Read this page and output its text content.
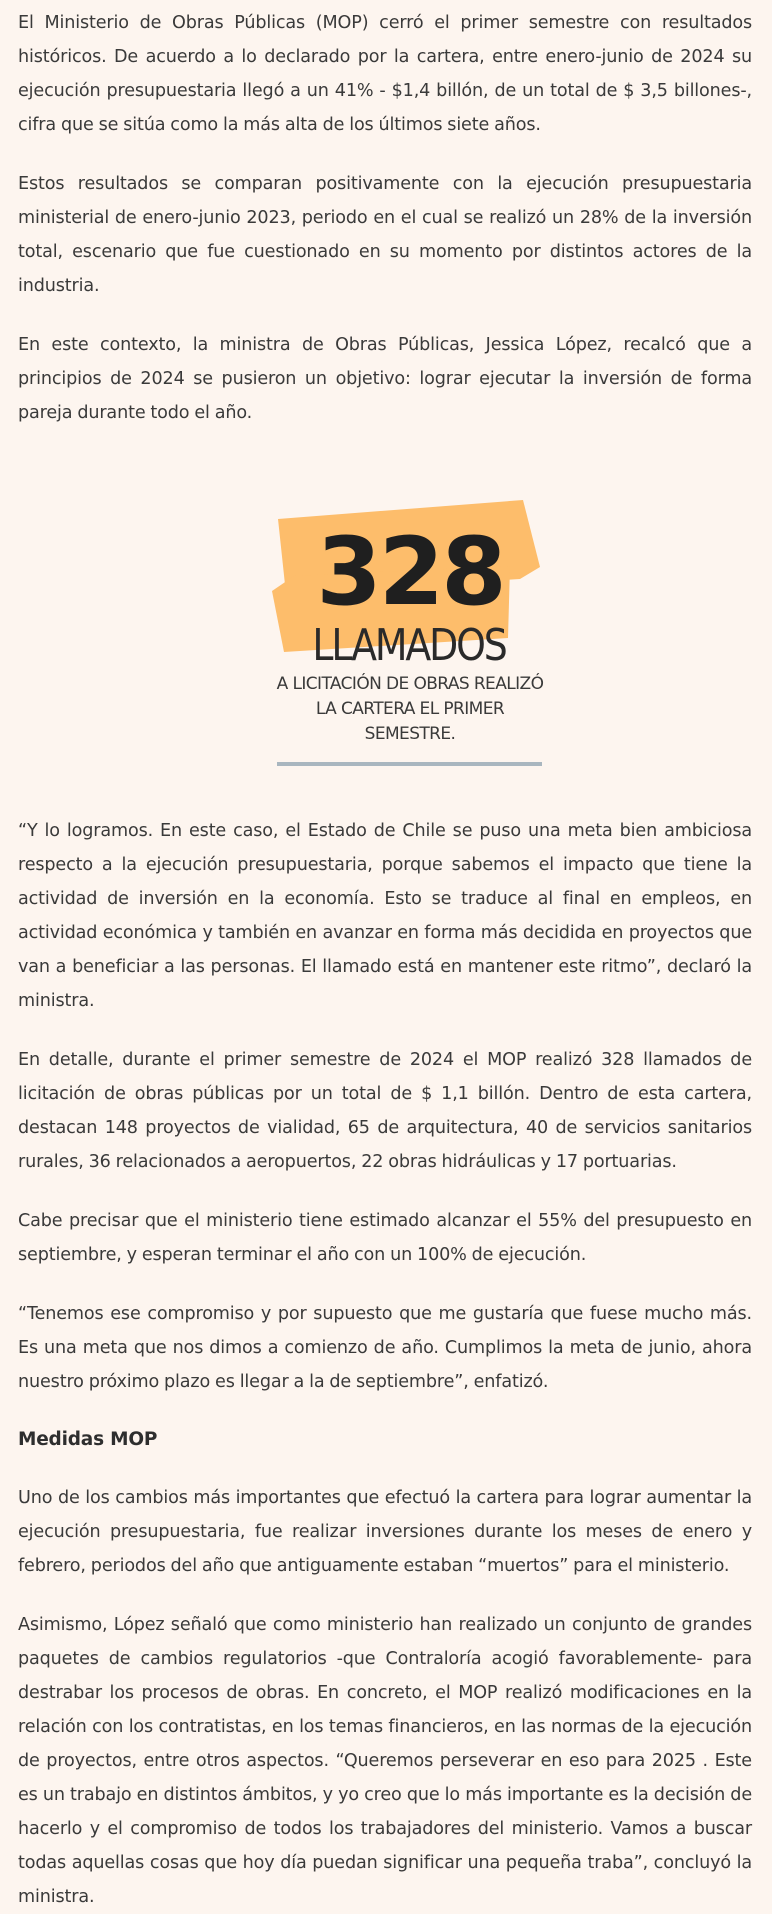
El Ministerio de Obras Públicas (MOP) cerró el primer semestre con resultados históricos. De acuerdo a lo declarado por la cartera, entre enero-junio de 2024 su ejecución presupuestaria llegó a un 41% - $1,4 billón, de un total de $ 3,5 billones-, cifra que se sitúa como la más alta de los últimos siete años.

Estos resultados se comparan positivamente con la ejecución presupuestaria ministerial de enero-junio 2023, periodo en el cual se realizó un 28% de la inversión total, escenario que fue cuestionado en su momento por distintos actores de la industria.

En este contexto, la ministra de Obras Públicas, Jessica López, recalcó que a principios de 2024 se pusieron un objetivo: lograr ejecutar la inversión de forma pareja durante todo el año.

328
LLAMADOS
A LICITACIÓN DE OBRAS REALIZÓ LA CARTERA EL PRIMER SEMESTRE.

“Y lo logramos. En este caso, el Estado de Chile se puso una meta bien ambiciosa respecto a la ejecución presupuestaria, porque sabemos el impacto que tiene la actividad de inversión en la economía. Esto se traduce al final en empleos, en actividad económica y también en avanzar en forma más decidida en proyectos que van a beneficiar a las personas. El llamado está en mantener este ritmo”, declaró la ministra.

En detalle, durante el primer semestre de 2024 el MOP realizó 328 llamados de licitación de obras públicas por un total de $ 1,1 billón. Dentro de esta cartera, destacan 148 proyectos de vialidad, 65 de arquitectura, 40 de servicios sanitarios rurales, 36 relacionados a aeropuertos, 22 obras hidráulicas y 17 portuarias.

Cabe precisar que el ministerio tiene estimado alcanzar el 55% del presupuesto en septiembre, y esperan terminar el año con un 100% de ejecución.

“Tenemos ese compromiso y por supuesto que me gustaría que fuese mucho más. Es una meta que nos dimos a comienzo de año. Cumplimos la meta de junio, ahora nuestro próximo plazo es llegar a la de septiembre”, enfatizó.

Medidas MOP

Uno de los cambios más importantes que efectuó la cartera para lograr aumentar la ejecución presupuestaria, fue realizar inversiones durante los meses de enero y febrero, periodos del año que antiguamente estaban “muertos” para el ministerio.

Asimismo, López señaló que como ministerio han realizado un conjunto de grandes paquetes de cambios regulatorios -que Contraloría acogió favorablemente- para destrabar los procesos de obras. En concreto, el MOP realizó modificaciones en la relación con los contratistas, en los temas financieros, en las normas de la ejecución de proyectos, entre otros aspectos. “Queremos perseverar en eso para 2025 . Este es un trabajo en distintos ámbitos, y yo creo que lo más importante es la decisión de hacerlo y el compromiso de todos los trabajadores del ministerio. Vamos a buscar todas aquellas cosas que hoy día puedan significar una pequeña traba”, concluyó la ministra.
